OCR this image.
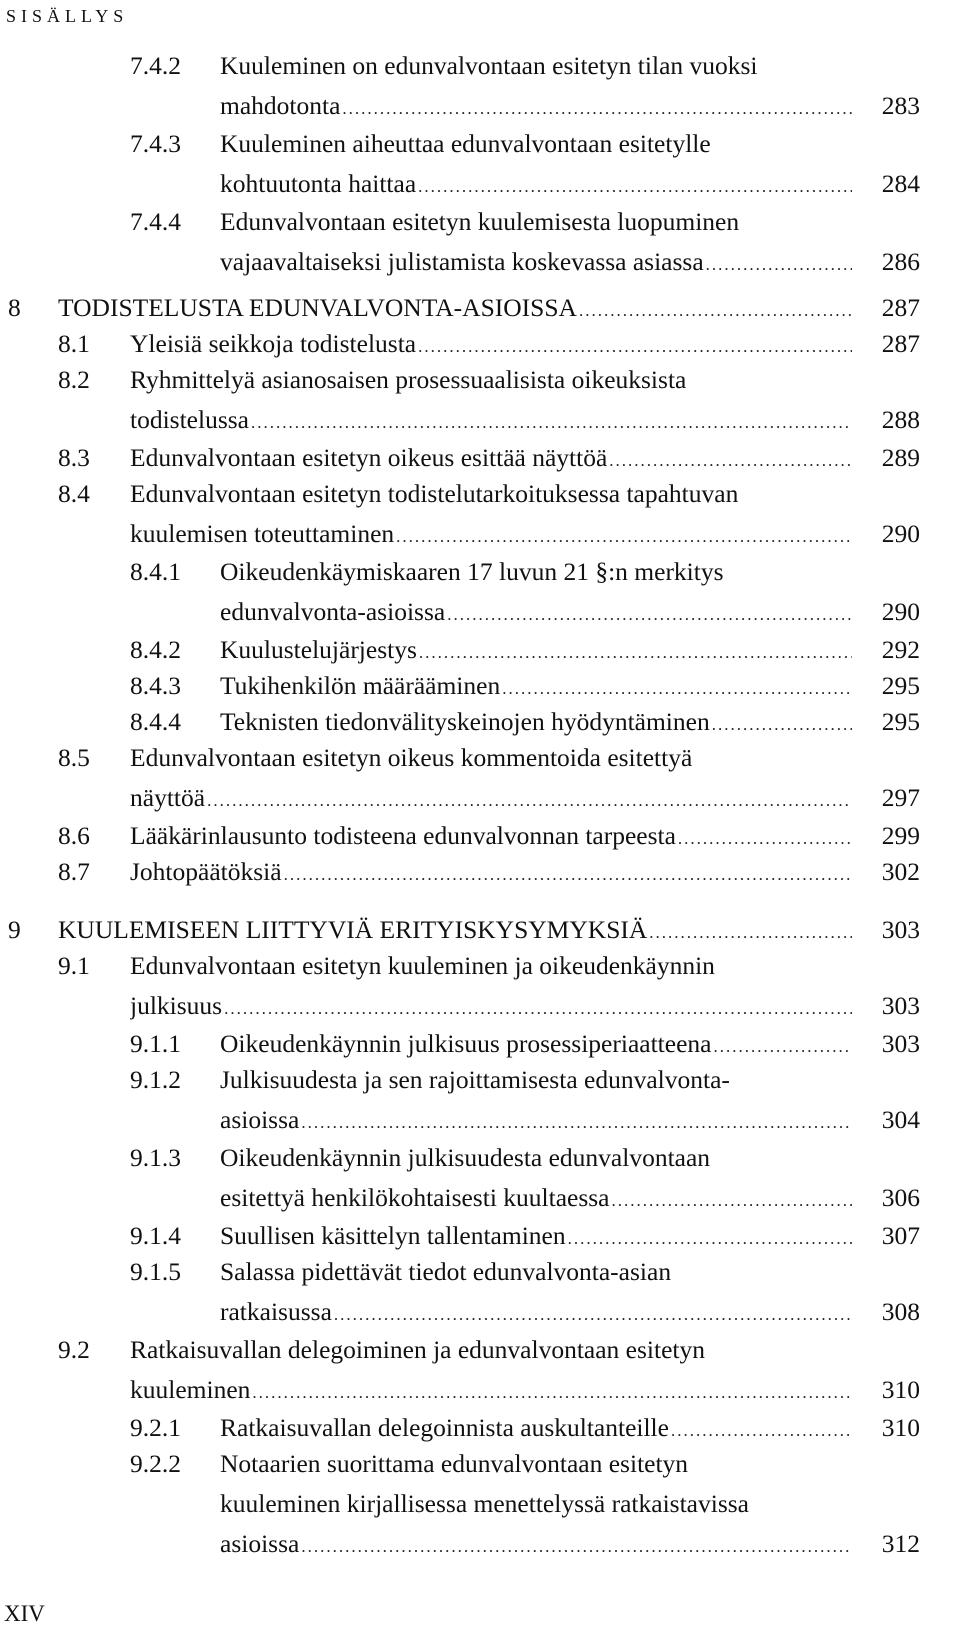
SISÄLLYS
7.4.2 Kuuleminen on edunvalvontaan esitetyn tilan vuoksi
mahdotonta .....	283
7.4.3 Kuuleminen aiheuttaa edunvalvontaan esitetylle
kohtuutonta haittaa .....	284
7.4.4 Edunvalvontaan esitetyn kuulemisesta luopuminen
vajaavaltaiseksi julistamista koskevassa asiassa .....	286
8 TODISTELUSTA EDUNVALVONTA-ASIOISSA .....	287
8.1 Yleisiä seikkoja todistelusta .....	287
8.2 Ryhmittelyä asianosaisen prosessuaalisista oikeuksista
todistelussa .....	288
8.3 Edunvalvontaan esitetyn oikeus esittää näyttöä .....	289
8.4 Edunvalvontaan esitetyn todistelutarkoituksessa tapahtuvan
kuulemisen toteuttaminen .....	290
8.4.1 Oikeudenkäymiskaaren 17 luvun 21 §:n merkitys
edunvalvonta-asioissa .....	290
8.4.2 Kuulustelujärjestys .....	292
8.4.3 Tukihenkilön määrääminen .....	295
8.4.4 Teknisten tiedonvälityskeinojen hyödyntäminen .....	295
8.5 Edunvalvontaan esitetyn oikeus kommentoida esitettyä
näyttöä .....	297
8.6 Lääkärinlausunto todisteena edunvalvonnan tarpeesta .....	299
8.7 Johtopäätöksiä .....	302
9 KUULEMISEEN LIITTYVIÄ ERITYISKYSYMYKSIÄ .....	303
9.1 Edunvalvontaan esitetyn kuuleminen ja oikeudenkäynnin
julkisuus .....	303
9.1.1 Oikeudenkäynnin julkisuus prosessiperiaatteena .....	303
9.1.2 Julkisuudesta ja sen rajoittamisesta edunvalvonta-
asioissa .....	304
9.1.3 Oikeudenkäynnin julkisuudesta edunvalvontaan
esitettyä henkilökohtaisesti kuultaessa .....	306
9.1.4 Suullisen käsittelyn tallentaminen .....	307
9.1.5 Salassa pidettävät tiedot edunvalvonta-asian
ratkaisussa .....	308
9.2 Ratkaisuvallan delegoiminen ja edunvalvontaan esitetyn
kuuleminen .....	310
9.2.1 Ratkaisuvallan delegoinnista auskultanteille .....	310
9.2.2 Notaarien suorittama edunvalvontaan esitetyn
kuuleminen kirjallisessa menettelyssä ratkaistavissa
asioissa .....	312
XIV
